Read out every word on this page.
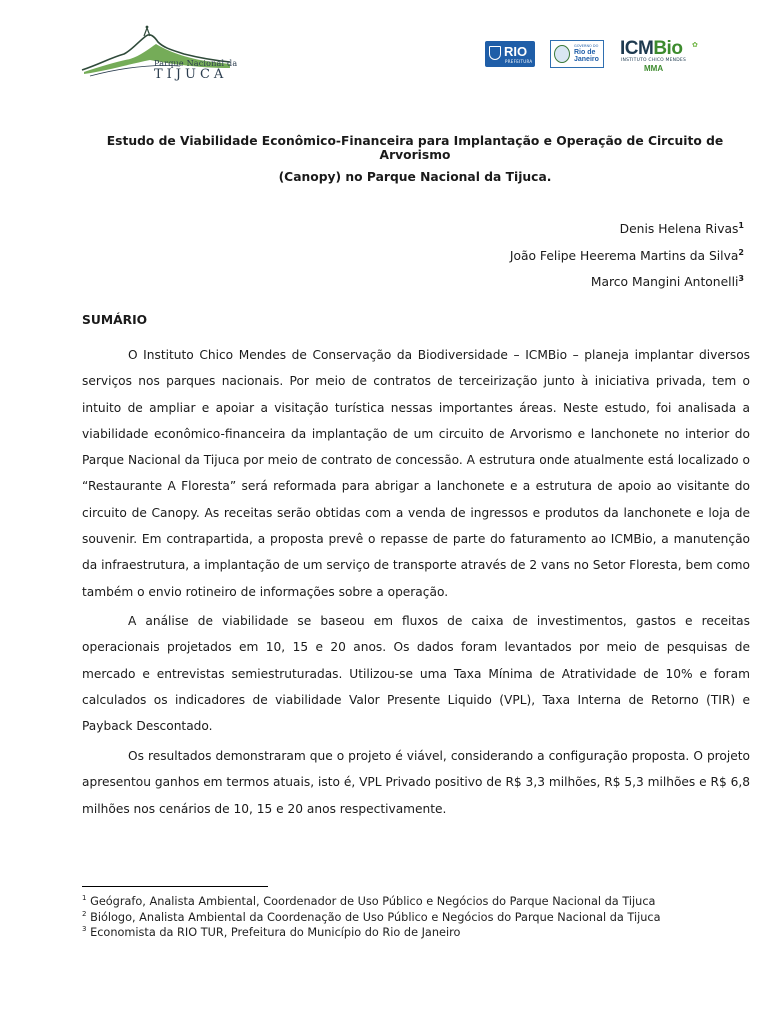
Parque Nacional da
TIJUCA
RIO
PREFEITURA
GOVERNO DO
Rio de Janeiro
ICMBio ✿
INSTITUTO CHICO MENDES
MMA
Estudo de Viabilidade Econômico-Financeira para Implantação e Operação de Circuito de Arvorismo
(Canopy) no Parque Nacional da Tijuca.
Denis Helena Rivas$^1$
João Felipe Heerema Martins da Silva$^2$
Marco Mangini Antonelli$^3$
SUMÁRIO

O Instituto Chico Mendes de Conservação da Biodiversidade – ICMBio – planeja implantar diversos serviços nos parques nacionais. Por meio de contratos de terceirização junto à iniciativa privada, tem o intuito de ampliar e apoiar a visitação turística nessas importantes áreas. Neste estudo, foi analisada a viabilidade econômico-financeira da implantação de um circuito de Arvorismo e lanchonete no interior do Parque Nacional da Tijuca por meio de contrato de concessão. A estrutura onde atualmente está localizado o “Restaurante A Floresta” será reformada para abrigar a lanchonete e a estrutura de apoio ao visitante do circuito de Canopy. As receitas serão obtidas com a venda de ingressos e produtos da lanchonete e loja de souvenir. Em contrapartida, a proposta prevê o repasse de parte do faturamento ao ICMBio, a manutenção da infraestrutura, a implantação de um serviço de transporte através de 2 vans no Setor Floresta, bem como também o envio rotineiro de informações sobre a operação.

A análise de viabilidade se baseou em fluxos de caixa de investimentos, gastos e receitas operacionais projetados em 10, 15 e 20 anos. Os dados foram levantados por meio de pesquisas de mercado e entrevistas semiestruturadas. Utilizou-se uma Taxa Mínima de Atratividade de 10% e foram calculados os indicadores de viabilidade Valor Presente Liquido (VPL), Taxa Interna de Retorno (TIR) e Payback Descontado.

Os resultados demonstraram que o projeto é viável, considerando a configuração proposta. O projeto apresentou ganhos em termos atuais, isto é, VPL Privado positivo de R$ 3,3 milhões, R$ 5,3 milhões e R$ 6,8 milhões nos cenários de 10, 15 e 20 anos respectivamente.

$^1$ Geógrafo, Analista Ambiental, Coordenador de Uso Público e Negócios do Parque Nacional da Tijuca
$^2$ Biólogo, Analista Ambiental da Coordenação de Uso Público e Negócios do Parque Nacional da Tijuca
$^3$ Economista da RIO TUR, Prefeitura do Município do Rio de Janeiro
